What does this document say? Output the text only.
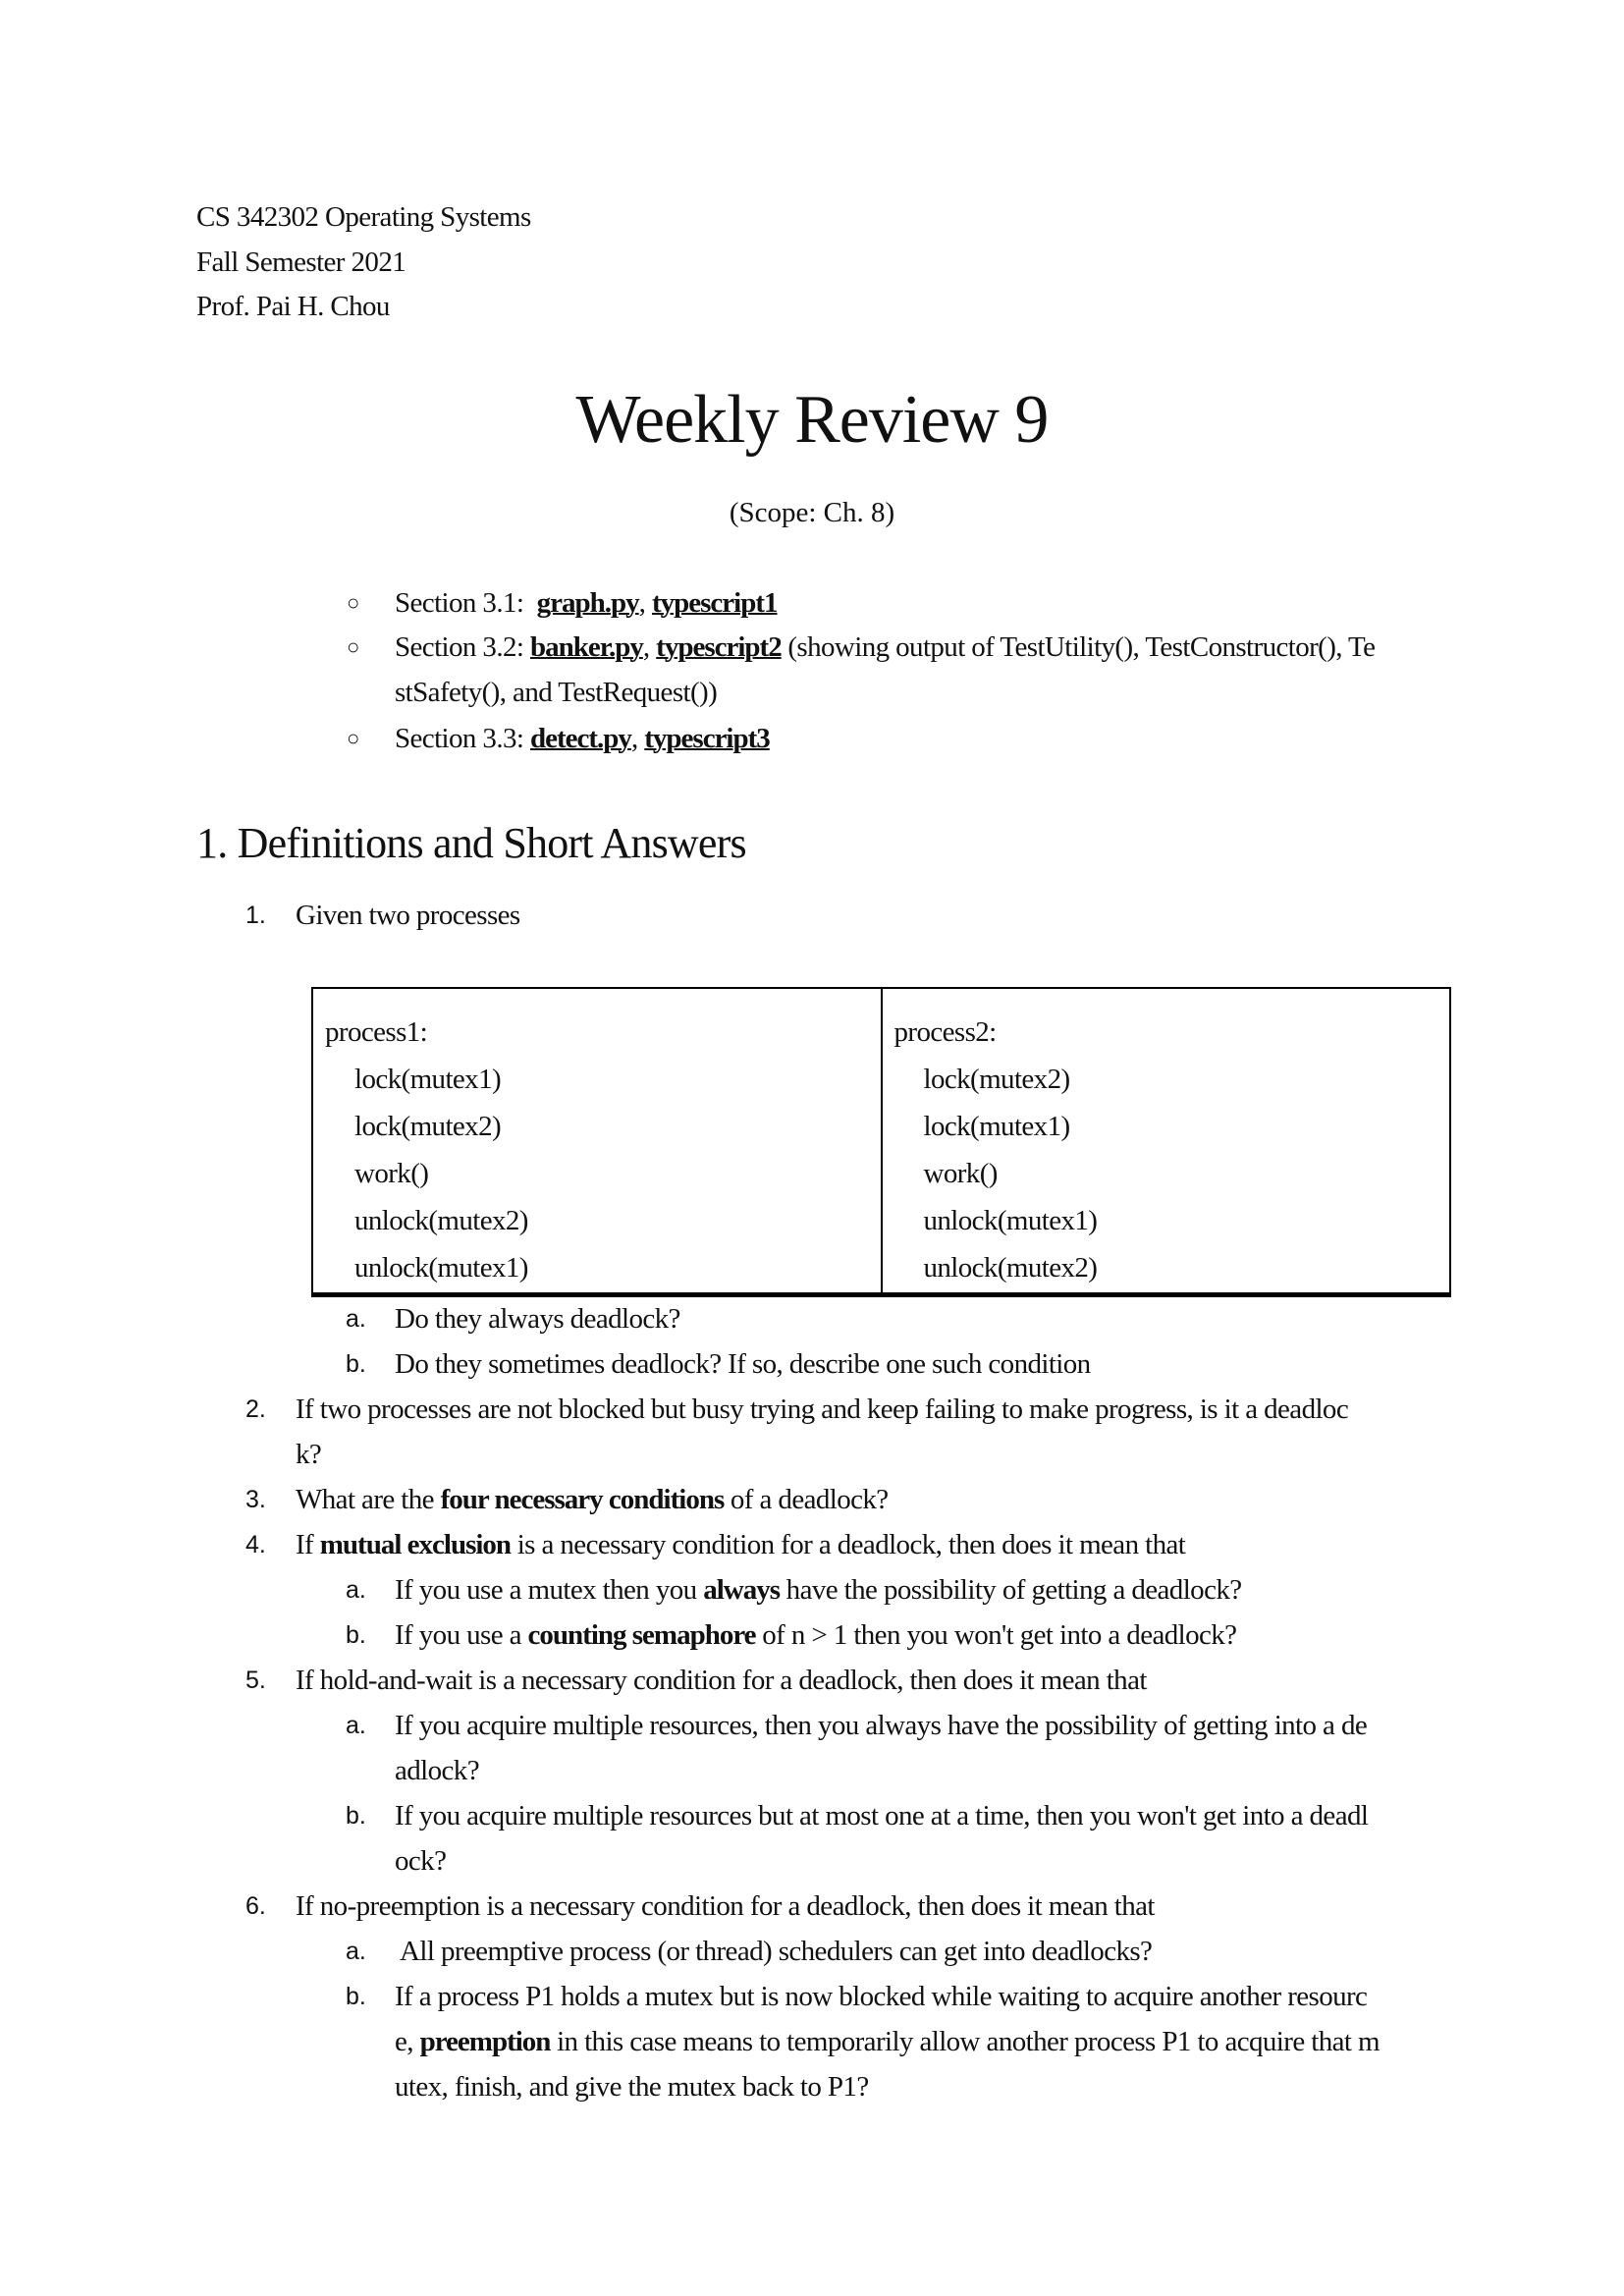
CS 342302 Operating Systems
Fall Semester 2021
Prof. Pai H. Chou
Weekly Review 9
(Scope: Ch. 8)
○ Section 3.1:  graph.py, typescript1
○ Section 3.2: banker.py, typescript2 (showing output of TestUtility(), TestConstructor(), Te
stSafety(), and TestRequest())
○ Section 3.3: detect.py, typescript3
1. Definitions and Short Answers
1. Given two processes
process1:
lock(mutex1)
lock(mutex2)
work()
unlock(mutex2)
unlock(mutex1)
	process2:
lock(mutex2)
lock(mutex1)
work()
unlock(mutex1)
unlock(mutex2)
a. Do they always deadlock?
b. Do they sometimes deadlock? If so, describe one such condition
2. If two processes are not blocked but busy trying and keep failing to make progress, is it a deadloc
k?
3. What are the four necessary conditions of a deadlock?
4. If mutual exclusion is a necessary condition for a deadlock, then does it mean that
a. If you use a mutex then you always have the possibility of getting a deadlock?
b. If you use a counting semaphore of n > 1 then you won't get into a deadlock?
5. If hold-and-wait is a necessary condition for a deadlock, then does it mean that
a. If you acquire multiple resources, then you always have the possibility of getting into a de
adlock?
b. If you acquire multiple resources but at most one at a time, then you won't get into a deadl
ock?
6. If no-preemption is a necessary condition for a deadlock, then does it mean that
a. All preemptive process (or thread) schedulers can get into deadlocks?
b. If a process P1 holds a mutex but is now blocked while waiting to acquire another resourc
e, preemption in this case means to temporarily allow another process P1 to acquire that m
utex, finish, and give the mutex back to P1?
